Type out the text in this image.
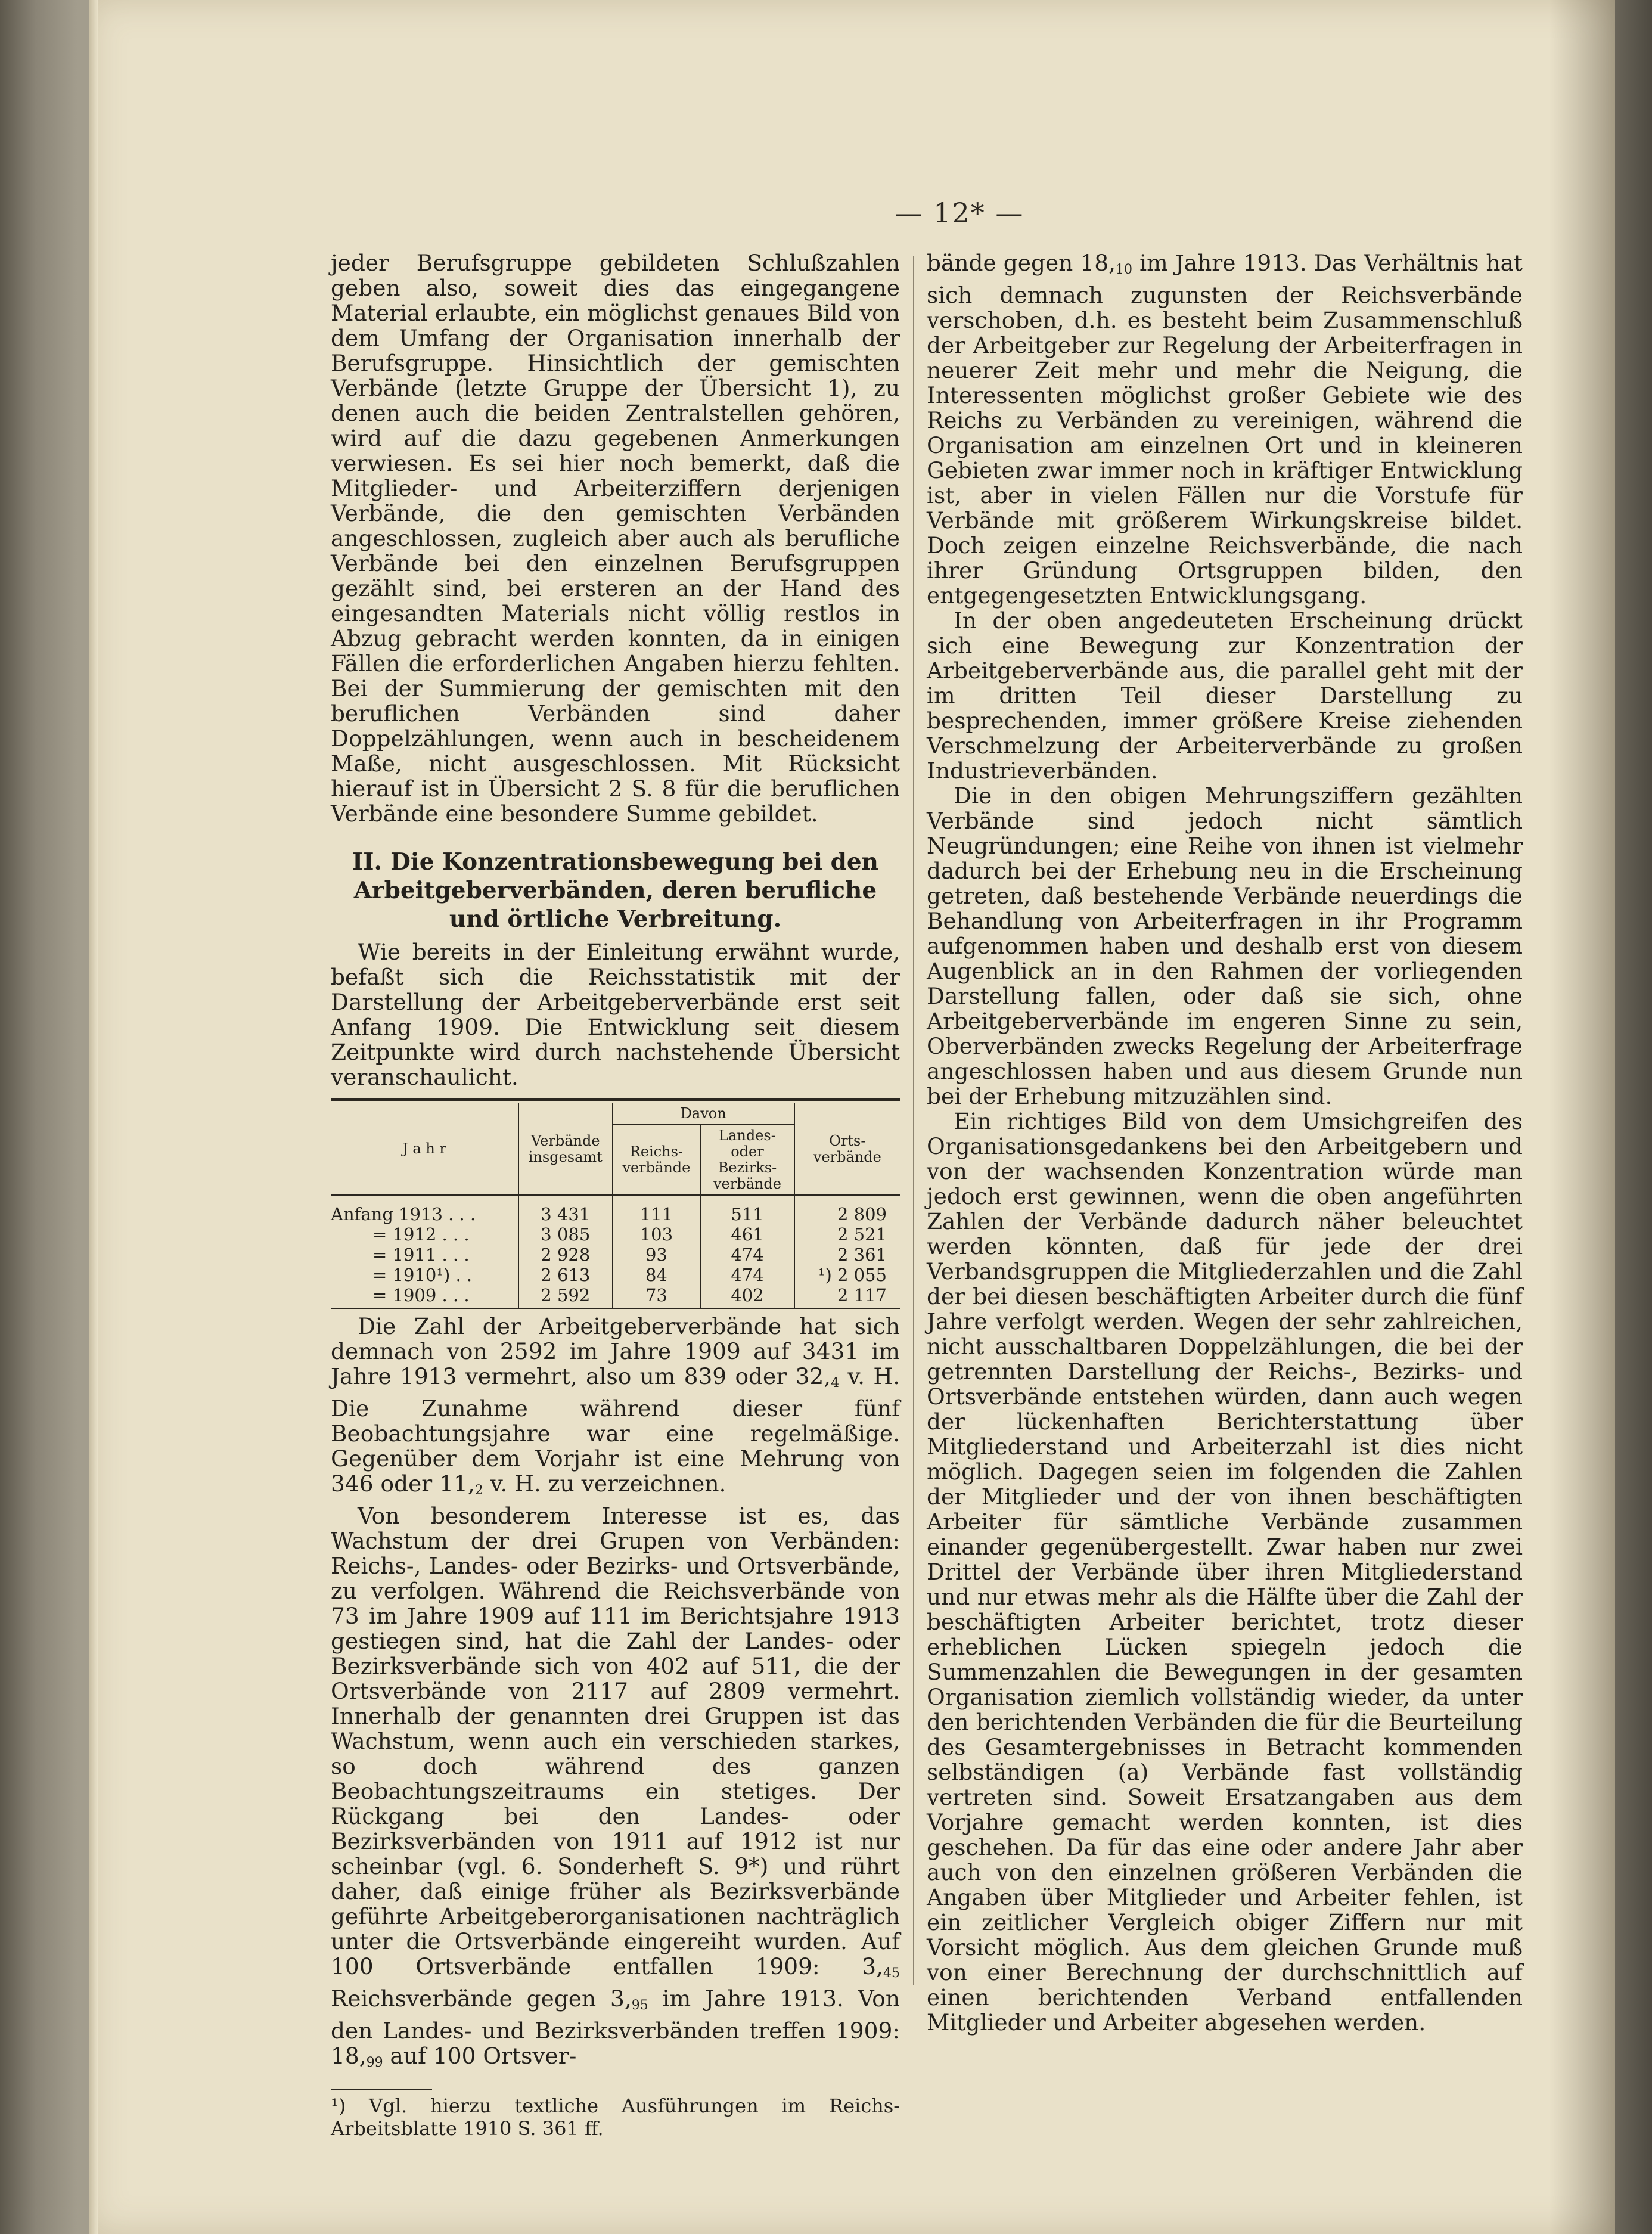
— 12* —

jeder Berufsgruppe gebildeten Schlußzahlen geben also, soweit dies das eingegangene Material erlaubte, ein möglichst genaues Bild von dem Umfang der Organisation innerhalb der Berufsgruppe. Hinsichtlich der gemischten Verbände (letzte Gruppe der Übersicht 1), zu denen auch die beiden Zentralstellen gehören, wird auf die dazu gegebenen Anmerkungen verwiesen. Es sei hier noch bemerkt, daß die Mitglieder- und Arbeiterziffern derjenigen Verbände, die den gemischten Verbänden angeschlossen, zugleich aber auch als berufliche Verbände bei den einzelnen Berufsgruppen gezählt sind, bei ersteren an der Hand des eingesandten Materials nicht völlig restlos in Abzug gebracht werden konnten, da in einigen Fällen die erforderlichen Angaben hierzu fehlten. Bei der Summierung der gemischten mit den beruflichen Verbänden sind daher Doppelzählungen, wenn auch in bescheidenem Maße, nicht ausgeschlossen. Mit Rücksicht hierauf ist in Übersicht 2 S. 8 für die beruflichen Verbände eine besondere Summe gebildet.

II. Die Konzentrationsbewegung bei den Arbeitgeberverbänden, deren berufliche und örtliche Verbreitung.

Wie bereits in der Einleitung erwähnt wurde, befaßt sich die Reichsstatistik mit der Darstellung der Arbeitgeberverbände erst seit Anfang 1909. Die Entwicklung seit diesem Zeitpunkte wird durch nachstehende Übersicht veranschaulicht.

J a h r	Verbände insgesamt	Davon		Orts- verbände
		Reichs- verbände	Landes- oder Bezirks- verbände	
Anfang 1913 . . .	3 431	111	511	2 809
= 1912 . . .	3 085	103	461	2 521
= 1911 . . .	2 928	93	474	2 361
= 1910¹) . .	2 613	84	474	¹) 2 055
= 1909 . . .	2 592	73	402	2 117

Die Zahl der Arbeitgeberverbände hat sich demnach von 2592 im Jahre 1909 auf 3431 im Jahre 1913 vermehrt, also um 839 oder $32,_4$ v. H. Die Zunahme während dieser fünf Beobachtungsjahre war eine regelmäßige. Gegenüber dem Vorjahr ist eine Mehrung von 346 oder $11,_2$ v. H. zu verzeichnen.

Von besonderem Interesse ist es, das Wachstum der drei Grupen von Verbänden: Reichs-, Landes- oder Bezirks- und Ortsverbände, zu verfolgen. Während die Reichsverbände von 73 im Jahre 1909 auf 111 im Berichtsjahre 1913 gestiegen sind, hat die Zahl der Landes- oder Bezirksverbände sich von 402 auf 511, die der Ortsverbände von 2117 auf 2809 vermehrt. Innerhalb der genannten drei Gruppen ist das Wachstum, wenn auch ein verschieden starkes, so doch während des ganzen Beobachtungszeitraums ein stetiges. Der Rückgang bei den Landes- oder Bezirksverbänden von 1911 auf 1912 ist nur scheinbar (vgl. 6. Sonderheft S. 9*) und rührt daher, daß einige früher als Bezirksverbände geführte Arbeitgeberorganisationen nachträglich unter die Ortsverbände eingereiht wurden. Auf 100 Ortsverbände entfallen 1909: $3,_{45}$ Reichsverbände gegen $3,_{95}$ im Jahre 1913. Von den Landes- und Bezirksverbänden treffen 1909: $18,_{99}$ auf 100 Ortsver-

¹) Vgl. hierzu textliche Ausführungen im Reichs-Arbeitsblatte 1910 S. 361 ff.

bände gegen $18,_{10}$ im Jahre 1913. Das Verhältnis hat sich demnach zugunsten der Reichsverbände verschoben, d.h. es besteht beim Zusammenschluß der Arbeitgeber zur Regelung der Arbeiterfragen in neuerer Zeit mehr und mehr die Neigung, die Interessenten möglichst großer Gebiete wie des Reichs zu Verbänden zu vereinigen, während die Organisation am einzelnen Ort und in kleineren Gebieten zwar immer noch in kräftiger Entwicklung ist, aber in vielen Fällen nur die Vorstufe für Verbände mit größerem Wirkungskreise bildet. Doch zeigen einzelne Reichsverbände, die nach ihrer Gründung Ortsgruppen bilden, den entgegengesetzten Entwicklungsgang.

In der oben angedeuteten Erscheinung drückt sich eine Bewegung zur Konzentration der Arbeitgeberverbände aus, die parallel geht mit der im dritten Teil dieser Darstellung zu besprechenden, immer größere Kreise ziehenden Verschmelzung der Arbeiterverbände zu großen Industrieverbänden.

Die in den obigen Mehrungsziffern gezählten Verbände sind jedoch nicht sämtlich Neugründungen; eine Reihe von ihnen ist vielmehr dadurch bei der Erhebung neu in die Erscheinung getreten, daß bestehende Verbände neuerdings die Behandlung von Arbeiterfragen in ihr Programm aufgenommen haben und deshalb erst von diesem Augenblick an in den Rahmen der vorliegenden Darstellung fallen, oder daß sie sich, ohne Arbeitgeberverbände im engeren Sinne zu sein, Oberverbänden zwecks Regelung der Arbeiterfrage angeschlossen haben und aus diesem Grunde nun bei der Erhebung mitzuzählen sind.

Ein richtiges Bild von dem Umsichgreifen des Organisationsgedankens bei den Arbeitgebern und von der wachsenden Konzentration würde man jedoch erst gewinnen, wenn die oben angeführten Zahlen der Verbände dadurch näher beleuchtet werden könnten, daß für jede der drei Verbandsgruppen die Mitgliederzahlen und die Zahl der bei diesen beschäftigten Arbeiter durch die fünf Jahre verfolgt werden. Wegen der sehr zahlreichen, nicht ausschaltbaren Doppelzählungen, die bei der getrennten Darstellung der Reichs-, Bezirks- und Ortsverbände entstehen würden, dann auch wegen der lückenhaften Berichterstattung über Mitgliederstand und Arbeiterzahl ist dies nicht möglich. Dagegen seien im folgenden die Zahlen der Mitglieder und der von ihnen beschäftigten Arbeiter für sämtliche Verbände zusammen einander gegenübergestellt. Zwar haben nur zwei Drittel der Verbände über ihren Mitgliederstand und nur etwas mehr als die Hälfte über die Zahl der beschäftigten Arbeiter berichtet, trotz dieser erheblichen Lücken spiegeln jedoch die Summenzahlen die Bewegungen in der gesamten Organisation ziemlich vollständig wieder, da unter den berichtenden Verbänden die für die Beurteilung des Gesamtergebnisses in Betracht kommenden selbständigen (a) Verbände fast vollständig vertreten sind. Soweit Ersatzangaben aus dem Vorjahre gemacht werden konnten, ist dies geschehen. Da für das eine oder andere Jahr aber auch von den einzelnen größeren Verbänden die Angaben über Mitglieder und Arbeiter fehlen, ist ein zeitlicher Vergleich obiger Ziffern nur mit Vorsicht möglich. Aus dem gleichen Grunde muß von einer Berechnung der durchschnittlich auf einen berichtenden Verband entfallenden Mitglieder und Arbeiter abgesehen werden.
